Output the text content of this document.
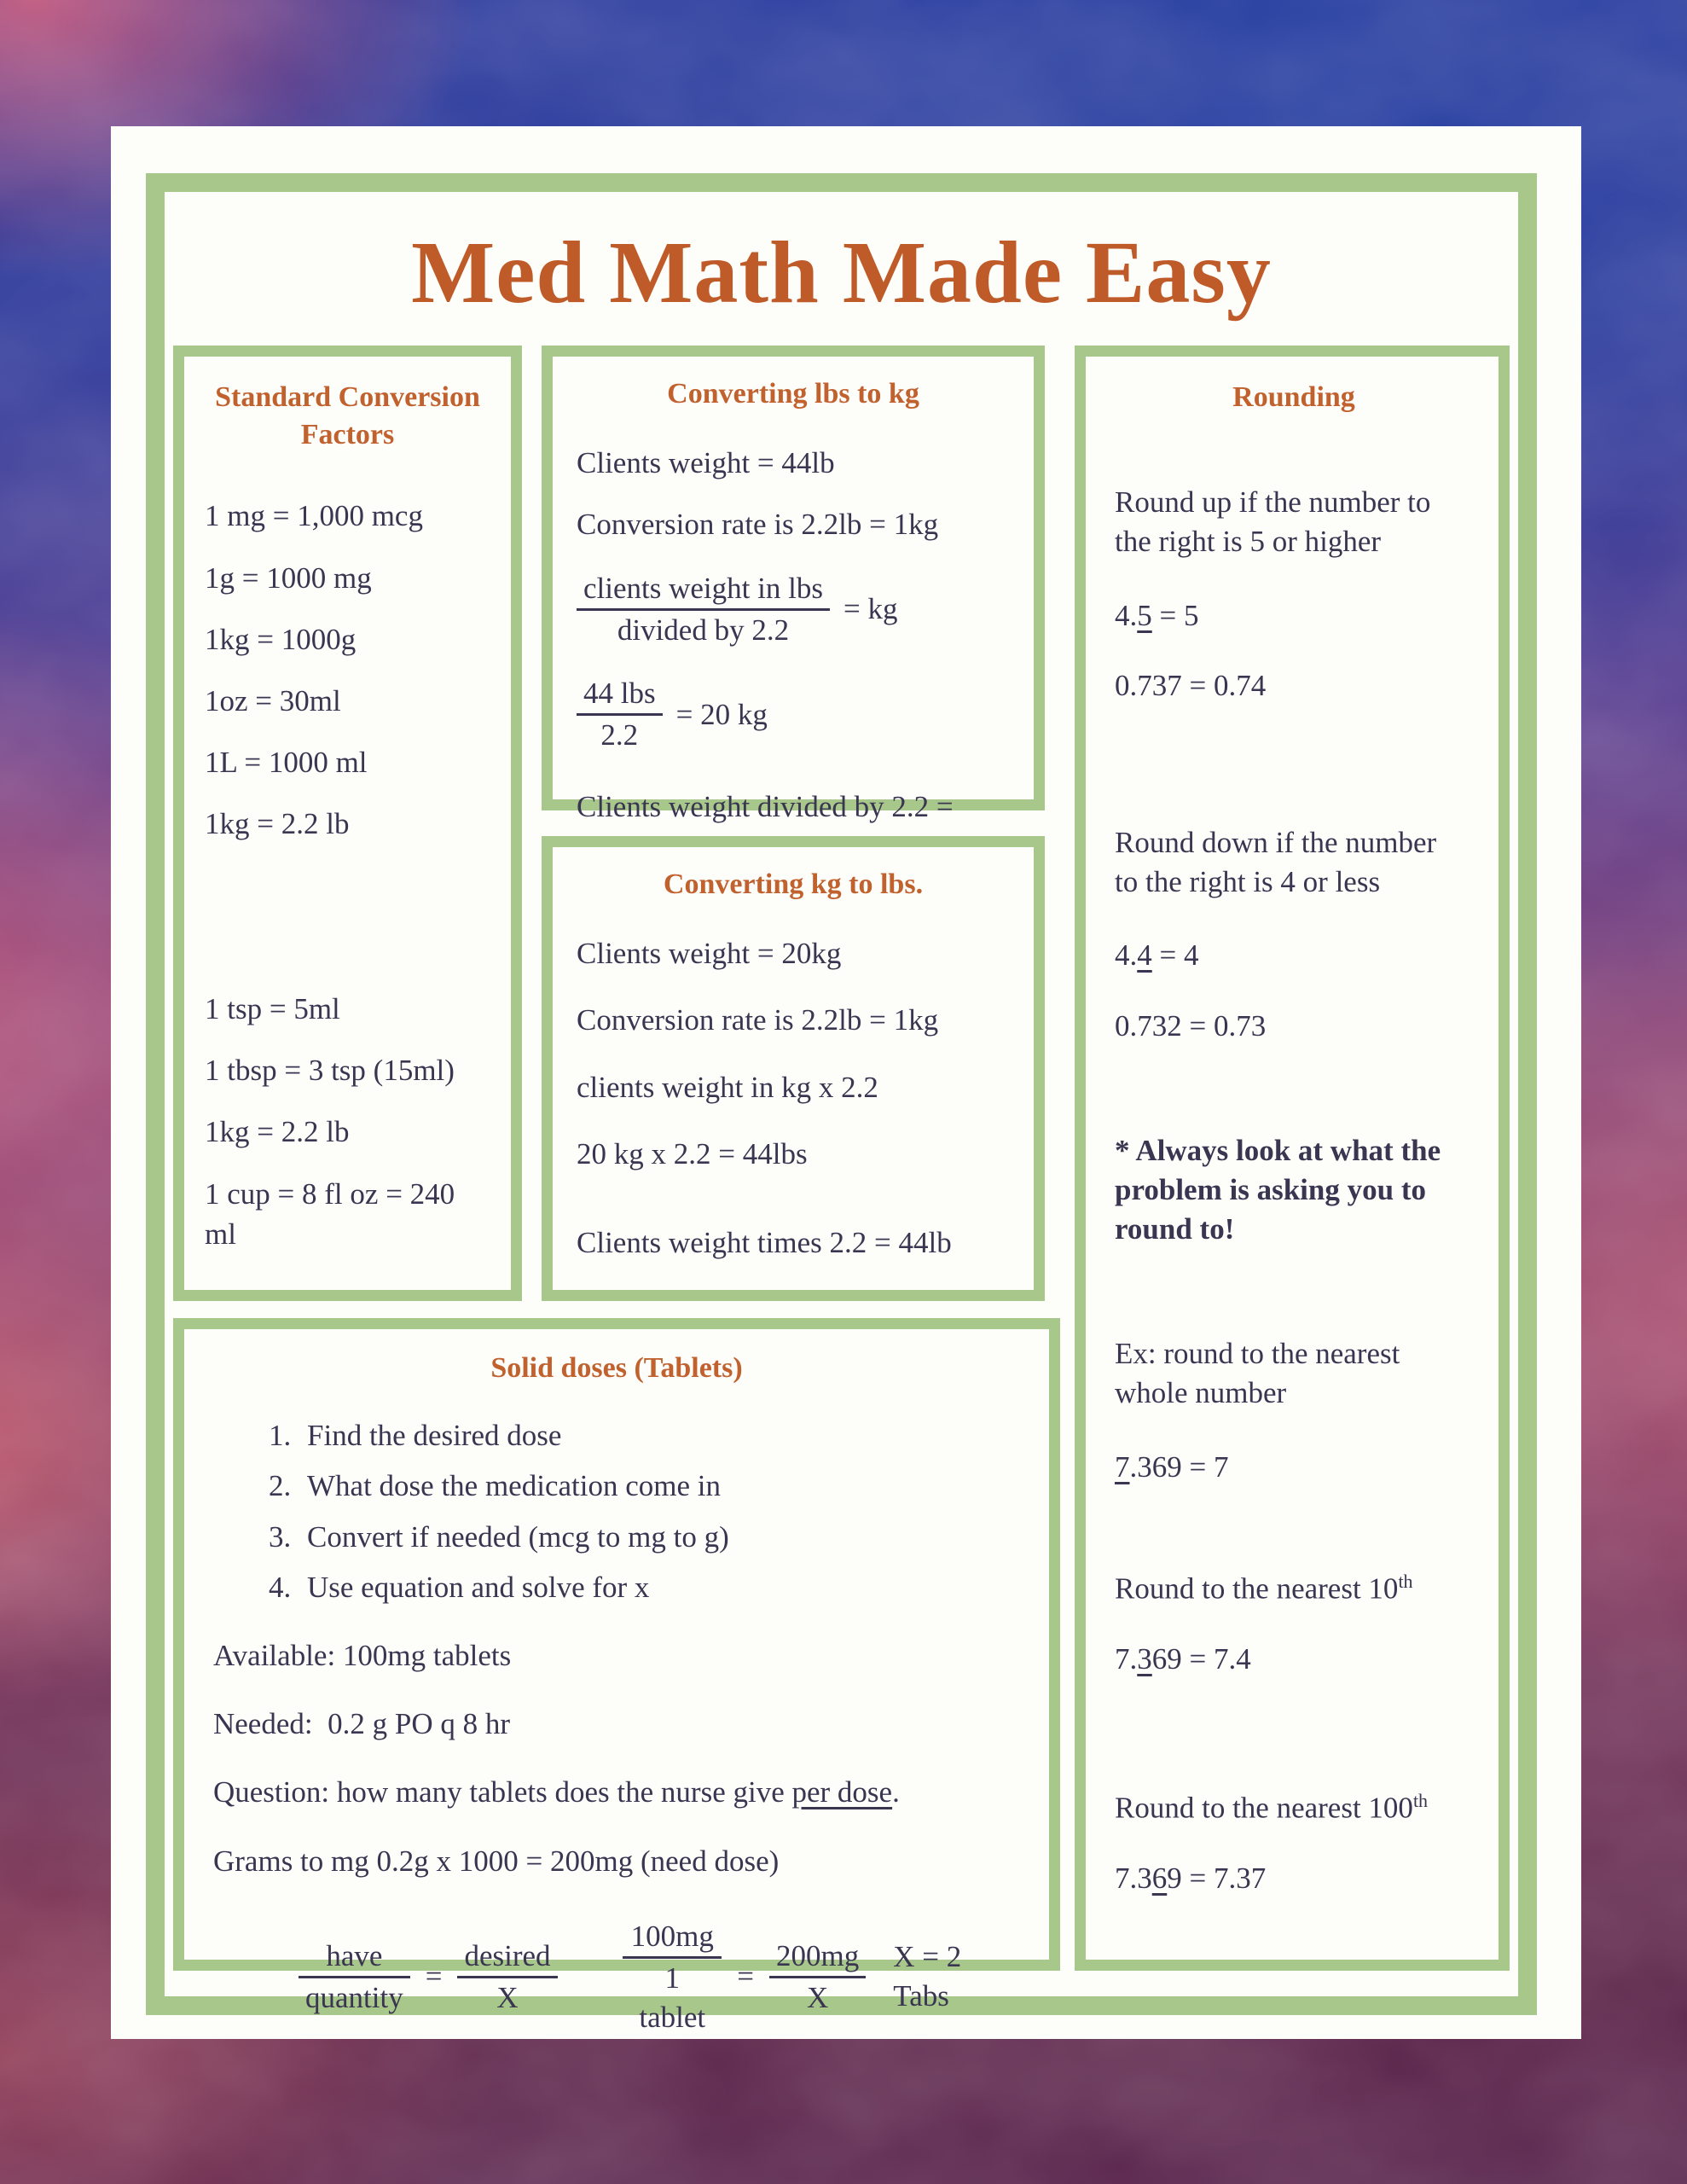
Med Math Made Easy
Standard Conversion Factors
1 mg = 1,000 mcg
1g = 1000 mg
1kg = 1000g
1oz = 30ml
1L = 1000 ml
1kg = 2.2 lb
1 tsp = 5ml
1 tbsp = 3 tsp (15ml)
1kg = 2.2 lb
1 cup = 8 fl oz = 240
ml
Converting lbs to kg
Clients weight = 44lb
Conversion rate is 2.2lb = 1kg
$\frac{\text{clients weight in lbs}}{\text{divided by 2.2}}$ = kg
$\frac{\text{44 lbs}}{2.2} = 20$ kg
Clients weight divided by 2.2 =
Converting kg to lbs.
Clients weight = 20kg
Conversion rate is 2.2lb = 1kg
clients weight in kg x 2.2
20 kg x 2.2 = 44lbs
Clients weight times 2.2 = 44lb
Rounding
Round up if the number to
the right is 5 or higher
4.5 = 5
0.737 = 0.74
Round down if the number
to the right is 4 or less
4.4 = 4
0.732 = 0.73
* Always look at what the
problem is asking you to
round to!
Ex: round to the nearest
whole number
7.369 = 7
Round to the nearest 10th
7.369 = 7.4
Round to the nearest 100th
7.369 = 7.37
Solid doses (Tablets)
1. Find the desired dose
2. What dose the medication come in
3. Convert if needed (mcg to mg to g)
4. Use equation and solve for x
Available: 100mg tablets
Needed:  0.2 g PO q 8 hr
Question: how many tablets does the nurse give per dose.
Grams to mg 0.2g x 1000 = 200mg (need dose)
$\frac{\text{have}}{\text{quantity}} = \frac{\text{desired}}{X} \frac{100mg}{\text{1 tablet}} = \frac{200mg}{X}$ X = 2 Tabs
